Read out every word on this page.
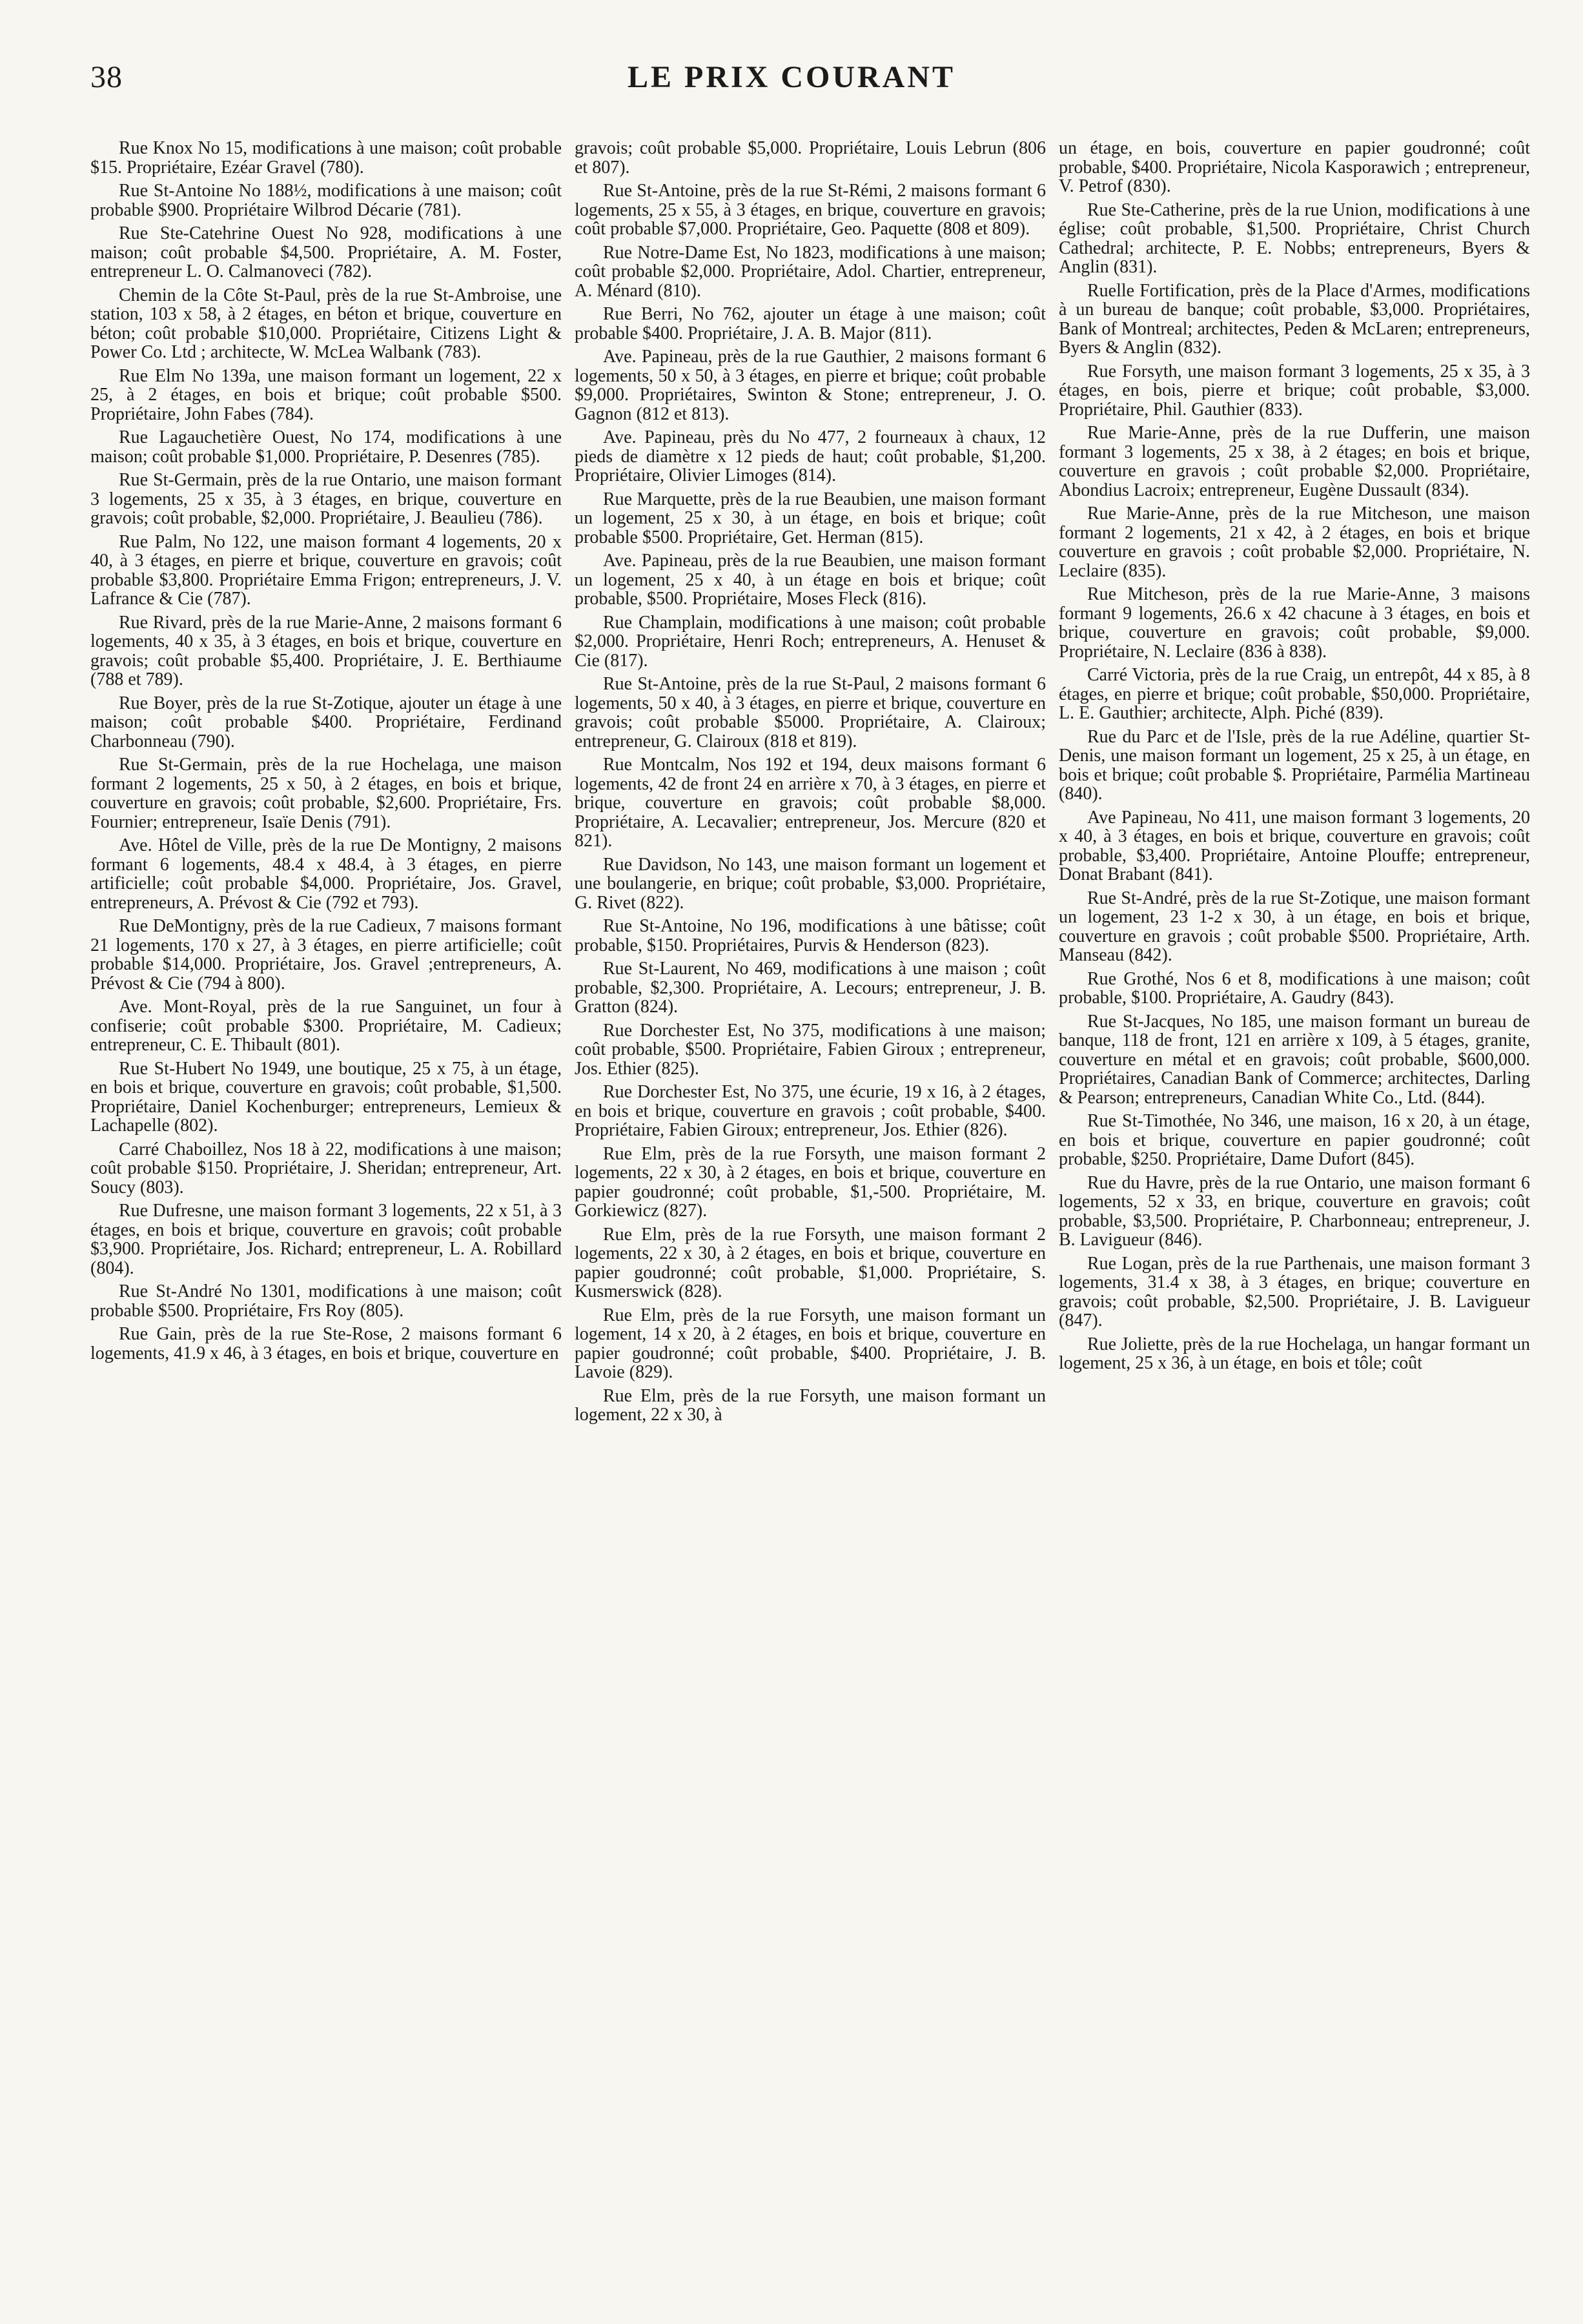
38	LE PRIX COURANT

Rue Knox No 15, modifications à une maison; coût probable $15. Propriétaire, Ezéar Gravel (780).

Rue St-Antoine No 188½, modifications à une maison; coût probable $900. Propriétaire Wilbrod Décarie (781).

Rue Ste-Catehrine Ouest No 928, modifications à une maison; coût probable $4,500. Propriétaire, A. M. Foster, entrepreneur L. O. Calmanoveci (782).

Chemin de la Côte St-Paul, près de la rue St-Ambroise, une station, 103 x 58, à 2 étages, en béton et brique, couverture en béton; coût probable $10,000. Propriétaire, Citizens Light & Power Co. Ltd ; architecte, W. McLea Walbank (783).

Rue Elm No 139a, une maison formant un logement, 22 x 25, à 2 étages, en bois et brique; coût probable $500. Propriétaire, John Fabes (784).

Rue Lagauchetière Ouest, No 174, modifications à une maison; coût probable $1,000. Propriétaire, P. Desenres (785).

Rue St-Germain, près de la rue Ontario, une maison formant 3 logements, 25 x 35, à 3 étages, en brique, couverture en gravois; coût probable, $2,000. Propriétaire, J. Beaulieu (786).

Rue Palm, No 122, une maison formant 4 logements, 20 x 40, à 3 étages, en pierre et brique, couverture en gravois; coût probable $3,800. Propriétaire Emma Frigon; entrepreneurs, J. V. Lafrance & Cie (787).

Rue Rivard, près de la rue Marie-Anne, 2 maisons formant 6 logements, 40 x 35, à 3 étages, en bois et brique, couverture en gravois; coût probable $5,400. Propriétaire, J. E. Berthiaume (788 et 789).

Rue Boyer, près de la rue St-Zotique, ajouter un étage à une maison; coût probable $400. Propriétaire, Ferdinand Charbonneau (790).

Rue St-Germain, près de la rue Hochelaga, une maison formant 2 logements, 25 x 50, à 2 étages, en bois et brique, couverture en gravois; coût probable, $2,600. Propriétaire, Frs. Fournier; entrepreneur, Isaïe Denis (791).

Ave. Hôtel de Ville, près de la rue De Montigny, 2 maisons formant 6 logements, 48.4 x 48.4, à 3 étages, en pierre artificielle; coût probable $4,000. Propriétaire, Jos. Gravel, entrepreneurs, A. Prévost & Cie (792 et 793).

Rue DeMontigny, près de la rue Cadieux, 7 maisons formant 21 logements, 170 x 27, à 3 étages, en pierre artificielle; coût probable $14,000. Propriétaire, Jos. Gravel ;entrepreneurs, A. Prévost & Cie (794 à 800).

Ave. Mont-Royal, près de la rue Sanguinet, un four à confiserie; coût probable $300. Propriétaire, M. Cadieux; entrepreneur, C. E. Thibault (801).

Rue St-Hubert No 1949, une boutique, 25 x 75, à un étage, en bois et brique, couverture en gravois; coût probable, $1,500. Propriétaire, Daniel Kochenburger; entrepreneurs, Lemieux & Lachapelle (802).

Carré Chaboillez, Nos 18 à 22, modifications à une maison; coût probable $150. Propriétaire, J. Sheridan; entrepreneur, Art. Soucy (803).

Rue Dufresne, une maison formant 3 logements, 22 x 51, à 3 étages, en bois et brique, couverture en gravois; coût probable $3,900. Propriétaire, Jos. Richard; entrepreneur, L. A. Robillard (804).

Rue St-André No 1301, modifications à une maison; coût probable $500. Propriétaire, Frs Roy (805).

Rue Gain, près de la rue Ste-Rose, 2 maisons formant 6 logements, 41.9 x 46, à 3 étages, en bois et brique, couverture en

gravois; coût probable $5,000. Propriétaire, Louis Lebrun (806 et 807).

Rue St-Antoine, près de la rue St-Rémi, 2 maisons formant 6 logements, 25 x 55, à 3 étages, en brique, couverture en gravois; coût probable $7,000. Propriétaire, Geo. Paquette (808 et 809).

Rue Notre-Dame Est, No 1823, modifications à une maison; coût probable $2,000. Propriétaire, Adol. Chartier, entrepreneur, A. Ménard (810).

Rue Berri, No 762, ajouter un étage à une maison; coût probable $400. Propriétaire, J. A. B. Major (811).

Ave. Papineau, près de la rue Gauthier, 2 maisons formant 6 logements, 50 x 50, à 3 étages, en pierre et brique; coût probable $9,000. Propriétaires, Swinton & Stone; entrepreneur, J. O. Gagnon (812 et 813).

Ave. Papineau, près du No 477, 2 fourneaux à chaux, 12 pieds de diamètre x 12 pieds de haut; coût probable, $1,200. Propriétaire, Olivier Limoges (814).

Rue Marquette, près de la rue Beaubien, une maison formant un logement, 25 x 30, à un étage, en bois et brique; coût probable $500. Propriétaire, Get. Herman (815).

Ave. Papineau, près de la rue Beaubien, une maison formant un logement, 25 x 40, à un étage en bois et brique; coût probable, $500. Propriétaire, Moses Fleck (816).

Rue Champlain, modifications à une maison; coût probable $2,000. Propriétaire, Henri Roch; entrepreneurs, A. Henuset & Cie (817).

Rue St-Antoine, près de la rue St-Paul, 2 maisons formant 6 logements, 50 x 40, à 3 étages, en pierre et brique, couverture en gravois; coût probable $5000. Propriétaire, A. Clairoux; entrepreneur, G. Clairoux (818 et 819).

Rue Montcalm, Nos 192 et 194, deux maisons formant 6 logements, 42 de front 24 en arrière x 70, à 3 étages, en pierre et brique, couverture en gravois; coût probable $8,000. Propriétaire, A. Lecavalier; entrepreneur, Jos. Mercure (820 et 821).

Rue Davidson, No 143, une maison formant un logement et une boulangerie, en brique; coût probable, $3,000. Propriétaire, G. Rivet (822).

Rue St-Antoine, No 196, modifications à une bâtisse; coût probable, $150. Propriétaires, Purvis & Henderson (823).

Rue St-Laurent, No 469, modifications à une maison ; coût probable, $2,300. Propriétaire, A. Lecours; entrepreneur, J. B. Gratton (824).

Rue Dorchester Est, No 375, modifications à une maison; coût probable, $500. Propriétaire, Fabien Giroux ; entrepreneur, Jos. Ethier (825).

Rue Dorchester Est, No 375, une écurie, 19 x 16, à 2 étages, en bois et brique, couverture en gravois ; coût probable, $400. Propriétaire, Fabien Giroux; entrepreneur, Jos. Ethier (826).

Rue Elm, près de la rue Forsyth, une maison formant 2 logements, 22 x 30, à 2 étages, en bois et brique, couverture en papier goudronné; coût probable, $1,-500. Propriétaire, M. Gorkiewicz (827).

Rue Elm, près de la rue Forsyth, une maison formant 2 logements, 22 x 30, à 2 étages, en bois et brique, couverture en papier goudronné; coût probable, $1,000. Propriétaire, S. Kusmerswick (828).

Rue Elm, près de la rue Forsyth, une maison formant un logement, 14 x 20, à 2 étages, en bois et brique, couverture en papier goudronné; coût probable, $400. Propriétaire, J. B. Lavoie (829).

Rue Elm, près de la rue Forsyth, une maison formant un logement, 22 x 30, à

un étage, en bois, couverture en papier goudronné; coût probable, $400. Propriétaire, Nicola Kasporawich ; entrepreneur, V. Petrof (830).

Rue Ste-Catherine, près de la rue Union, modifications à une église; coût probable, $1,500. Propriétaire, Christ Church Cathedral; architecte, P. E. Nobbs; entrepreneurs, Byers & Anglin (831).

Ruelle Fortification, près de la Place d'Armes, modifications à un bureau de banque; coût probable, $3,000. Propriétaires, Bank of Montreal; architectes, Peden & McLaren; entrepreneurs, Byers & Anglin (832).

Rue Forsyth, une maison formant 3 logements, 25 x 35, à 3 étages, en bois, pierre et brique; coût probable, $3,000. Propriétaire, Phil. Gauthier (833).

Rue Marie-Anne, près de la rue Dufferin, une maison formant 3 logements, 25 x 38, à 2 étages; en bois et brique, couverture en gravois ; coût probable $2,000. Propriétaire, Abondius Lacroix; entrepreneur, Eugène Dussault (834).

Rue Marie-Anne, près de la rue Mitcheson, une maison formant 2 logements, 21 x 42, à 2 étages, en bois et brique couverture en gravois ; coût probable $2,000. Propriétaire, N. Leclaire (835).

Rue Mitcheson, près de la rue Marie-Anne, 3 maisons formant 9 logements, 26.6 x 42 chacune à 3 étages, en bois et brique, couverture en gravois; coût probable, $9,000. Propriétaire, N. Leclaire (836 à 838).

Carré Victoria, près de la rue Craig, un entrepôt, 44 x 85, à 8 étages, en pierre et brique; coût probable, $50,000. Propriétaire, L. E. Gauthier; architecte, Alph. Piché (839).

Rue du Parc et de l'Isle, près de la rue Adéline, quartier St-Denis, une maison formant un logement, 25 x 25, à un étage, en bois et brique; coût probable $. Propriétaire, Parmélia Martineau (840).

Ave Papineau, No 411, une maison formant 3 logements, 20 x 40, à 3 étages, en bois et brique, couverture en gravois; coût probable, $3,400. Propriétaire, Antoine Plouffe; entrepreneur, Donat Brabant (841).

Rue St-André, près de la rue St-Zotique, une maison formant un logement, 23 1-2 x 30, à un étage, en bois et brique, couverture en gravois ; coût probable $500. Propriétaire, Arth. Manseau (842).

Rue Grothé, Nos 6 et 8, modifications à une maison; coût probable, $100. Propriétaire, A. Gaudry (843).

Rue St-Jacques, No 185, une maison formant un bureau de banque, 118 de front, 121 en arrière x 109, à 5 étages, granite, couverture en métal et en gravois; coût probable, $600,000. Propriétaires, Canadian Bank of Commerce; architectes, Darling & Pearson; entrepreneurs, Canadian White Co., Ltd. (844).

Rue St-Timothée, No 346, une maison, 16 x 20, à un étage, en bois et brique, couverture en papier goudronné; coût probable, $250. Propriétaire, Dame Dufort (845).

Rue du Havre, près de la rue Ontario, une maison formant 6 logements, 52 x 33, en brique, couverture en gravois; coût probable, $3,500. Propriétaire, P. Charbonneau; entrepreneur, J. B. Lavigueur (846).

Rue Logan, près de la rue Parthenais, une maison formant 3 logements, 31.4 x 38, à 3 étages, en brique; couverture en gravois; coût probable, $2,500. Propriétaire, J. B. Lavigueur (847).

Rue Joliette, près de la rue Hochelaga, un hangar formant un logement, 25 x 36, à un étage, en bois et tôle; coût
